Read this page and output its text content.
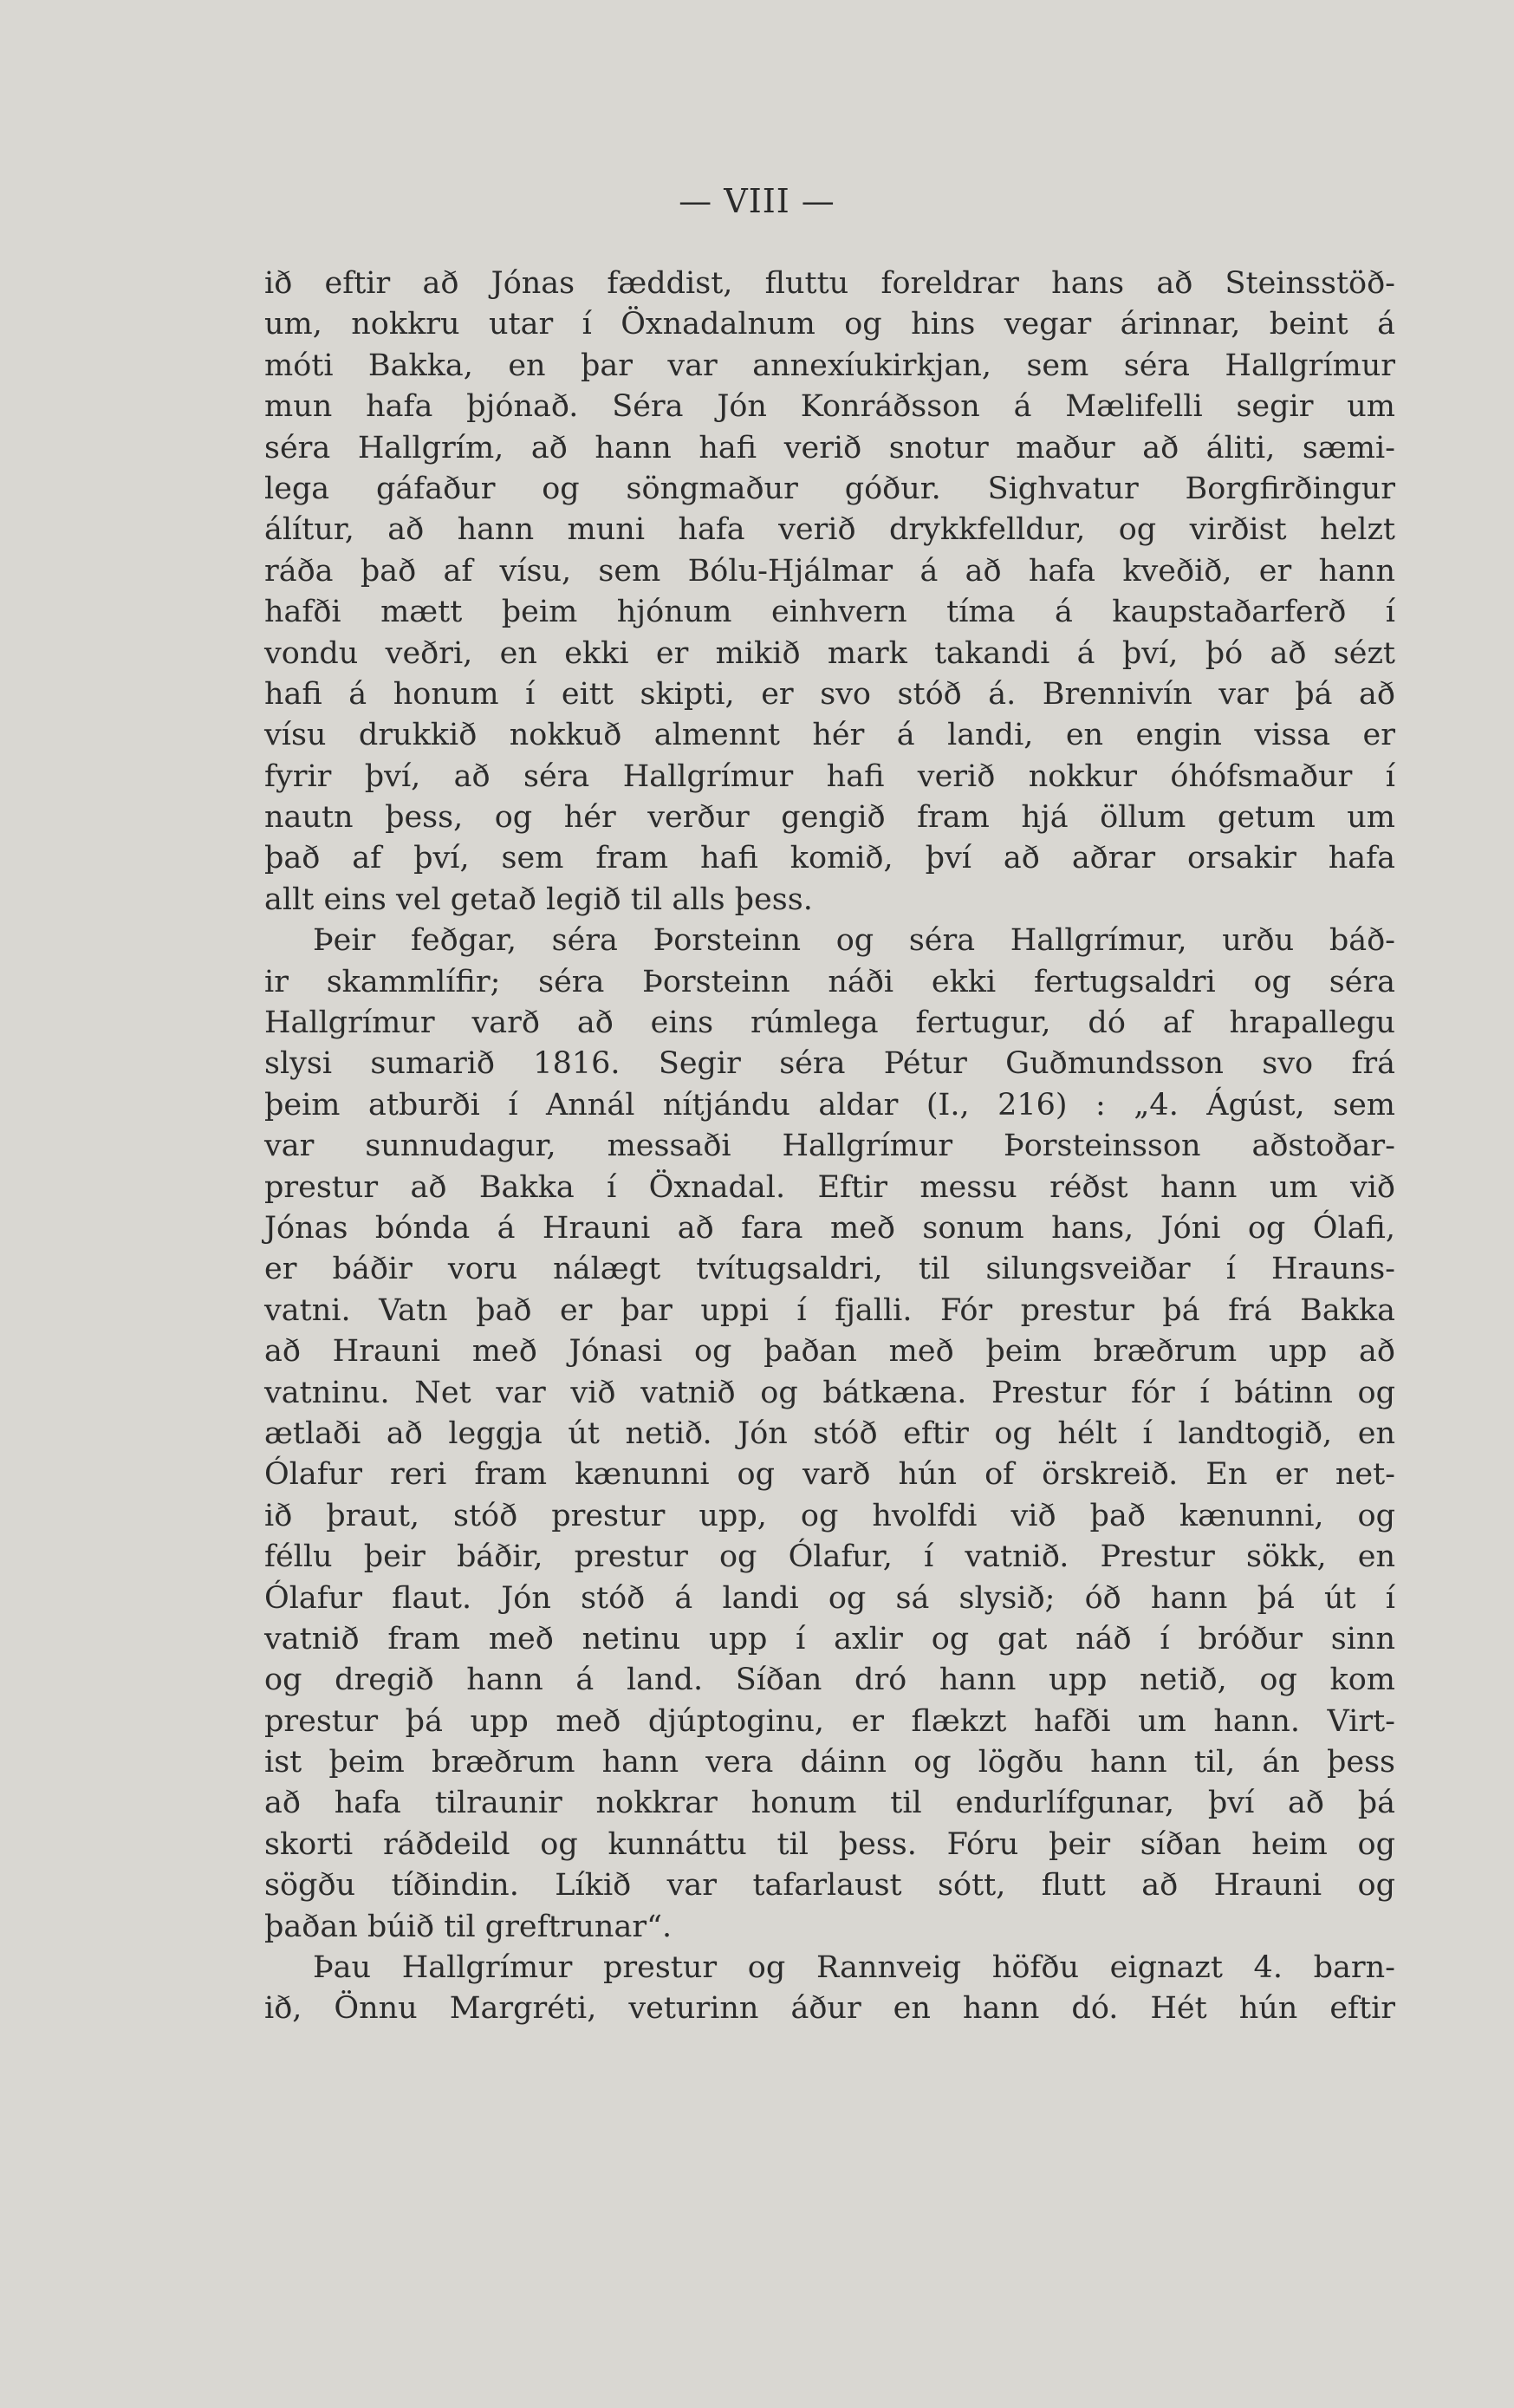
— VIII —
ið eftir að Jónas fæddist, fluttu foreldrar hans að Steinsstöð-
um, nokkru utar í Öxnadalnum og hins vegar árinnar, beint á
móti Bakka, en þar var annexíukirkjan, sem séra Hallgrímur
mun hafa þjónað. Séra Jón Konráðsson á Mælifelli segir um
séra Hallgrím, að hann hafi verið snotur maður að áliti, sæmi-
lega gáfaður og söngmaður góður. Sighvatur Borgfirðingur
álítur, að hann muni hafa verið drykkfelldur, og virðist helzt
ráða það af vísu, sem Bólu-Hjálmar á að hafa kveðið, er hann
hafði mætt þeim hjónum einhvern tíma á kaupstaðarferð í
vondu veðri, en ekki er mikið mark takandi á því, þó að sézt
hafi á honum í eitt skipti, er svo stóð á. Brennivín var þá að
vísu drukkið nokkuð almennt hér á landi, en engin vissa er
fyrir því, að séra Hallgrímur hafi verið nokkur óhófsmaður í
nautn þess, og hér verður gengið fram hjá öllum getum um
það af því, sem fram hafi komið, því að aðrar orsakir hafa
allt eins vel getað legið til alls þess.
Þeir feðgar, séra Þorsteinn og séra Hallgrímur, urðu báð-
ir skammlífir; séra Þorsteinn náði ekki fertugsaldri og séra
Hallgrímur varð að eins rúmlega fertugur, dó af hrapallegu
slysi sumarið 1816. Segir séra Pétur Guðmundsson svo frá
þeim atburði í Annál nítjándu aldar (I., 216) : „4. Ágúst, sem
var sunnudagur, messaði Hallgrímur Þorsteinsson aðstoðar-
prestur að Bakka í Öxnadal. Eftir messu réðst hann um við
Jónas bónda á Hrauni að fara með sonum hans, Jóni og Ólafi,
er báðir voru nálægt tvítugsaldri, til silungsveiðar í Hrauns-
vatni. Vatn það er þar uppi í fjalli. Fór prestur þá frá Bakka
að Hrauni með Jónasi og þaðan með þeim bræðrum upp að
vatninu. Net var við vatnið og bátkæna. Prestur fór í bátinn og
ætlaði að leggja út netið. Jón stóð eftir og hélt í landtogið, en
Ólafur reri fram kænunni og varð hún of örskreið. En er net-
ið þraut, stóð prestur upp, og hvolfdi við það kænunni, og
féllu þeir báðir, prestur og Ólafur, í vatnið. Prestur sökk, en
Ólafur flaut. Jón stóð á landi og sá slysið; óð hann þá út í
vatnið fram með netinu upp í axlir og gat náð í bróður sinn
og dregið hann á land. Síðan dró hann upp netið, og kom
prestur þá upp með djúptoginu, er flækzt hafði um hann. Virt-
ist þeim bræðrum hann vera dáinn og lögðu hann til, án þess
að hafa tilraunir nokkrar honum til endurlífgunar, því að þá
skorti ráðdeild og kunnáttu til þess. Fóru þeir síðan heim og
sögðu tíðindin. Líkið var tafarlaust sótt, flutt að Hrauni og
þaðan búið til greftrunar“.
Þau Hallgrímur prestur og Rannveig höfðu eignazt 4. barn-
ið, Önnu Margréti, veturinn áður en hann dó. Hét hún eftir
